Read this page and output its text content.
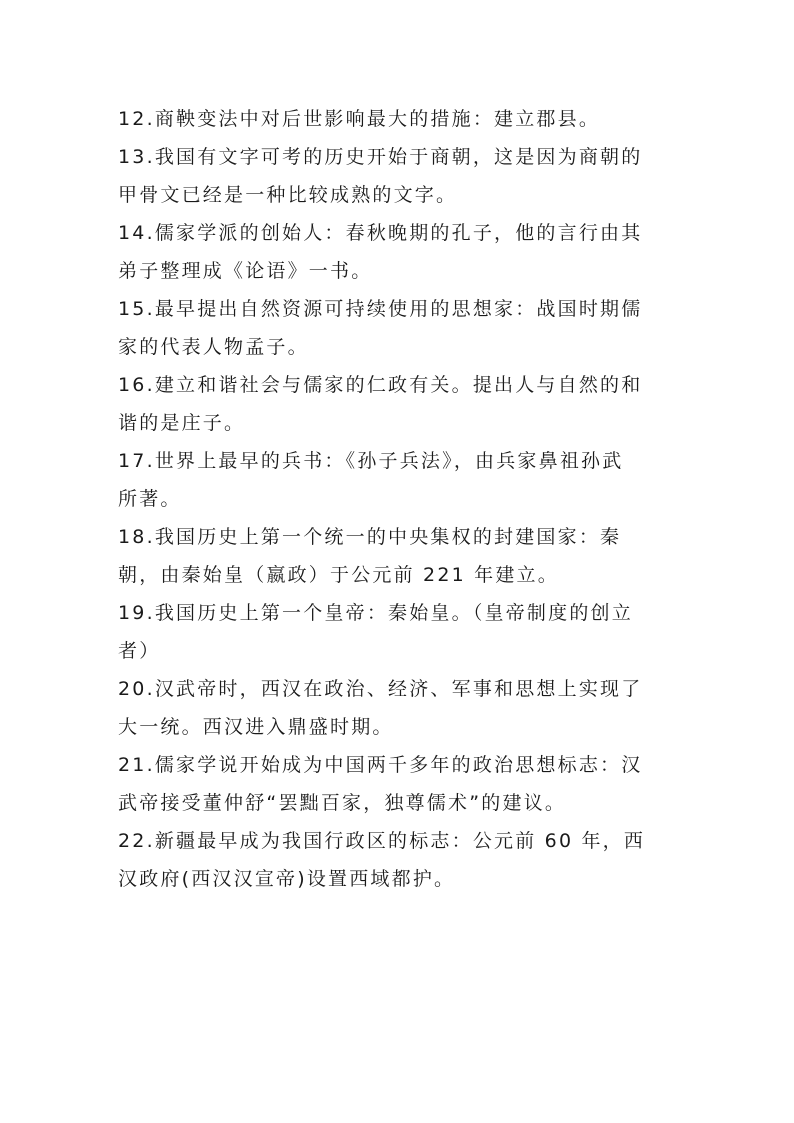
12.商鞅变法中对后世影响最大的措施：建立郡县。
13.我国有文字可考的历史开始于商朝，这是因为商朝的
甲骨文已经是一种比较成熟的文字。
14.儒家学派的创始人：春秋晚期的孔子，他的言行由其
弟子整理成《论语》一书。
15.最早提出自然资源可持续使用的思想家：战国时期儒
家的代表人物孟子。
16.建立和谐社会与儒家的仁政有关。提出人与自然的和
谐的是庄子。
17.世界上最早的兵书：《孙子兵法》，由兵家鼻祖孙武
所著。
18.我国历史上第一个统一的中央集权的封建国家：秦
朝，由秦始皇（嬴政）于公元前 221 年建立。
19.我国历史上第一个皇帝：秦始皇。（皇帝制度的创立
者）
20.汉武帝时，西汉在政治、经济、军事和思想上实现了
大一统。西汉进入鼎盛时期。
21.儒家学说开始成为中国两千多年的政治思想标志：汉
武帝接受董仲舒“罢黜百家，独尊儒术”的建议。
22.新疆最早成为我国行政区的标志：公元前 60 年，西
汉政府(西汉汉宣帝)设置西域都护。
